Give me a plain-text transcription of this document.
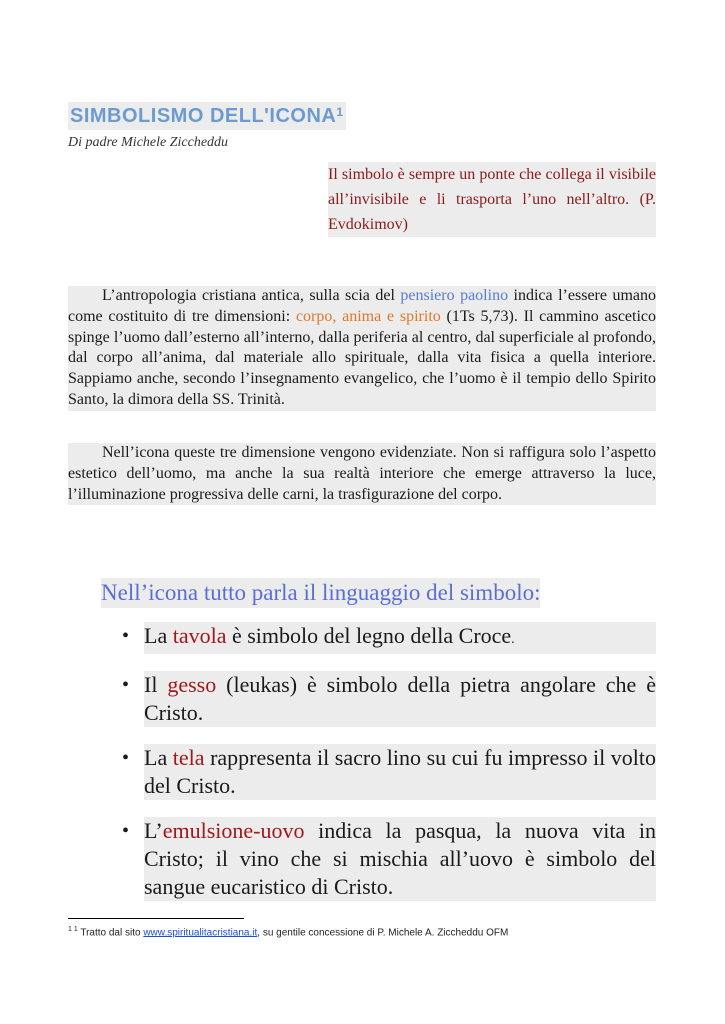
SIMBOLISMO DELL'ICONA$^1$
Di padre Michele Ziccheddu
Il simbolo è sempre un ponte che collega il visibile all’invisibile e li trasporta l’uno nell’altro. (P. Evdokimov)

L’antropologia cristiana antica, sulla scia del pensiero paolino indica l’essere umano come costituito di tre dimensioni: corpo, anima e spirito (1Ts 5,73). Il cammino ascetico spinge l’uomo dall’esterno all’interno, dalla periferia al centro, dal superficiale al profondo, dal corpo all’anima, dal materiale allo spirituale, dalla vita fisica a quella interiore. Sappiamo anche, secondo l’insegnamento evangelico, che l’uomo è il tempio dello Spirito Santo, la dimora della SS. Trinità.

Nell’icona queste tre dimensione vengono evidenziate. Non si raffigura solo l’aspetto estetico dell’uomo, ma anche la sua realtà interiore che emerge attraverso la luce, l’illuminazione progressiva delle carni, la trasfigurazione del corpo.

Nell’icona tutto parla il linguaggio del simbolo:
• La tavola è simbolo del legno della Croce.
• Il gesso (leukas) è simbolo della pietra angolare che è Cristo.
• La tela rappresenta il sacro lino su cui fu impresso il volto del Cristo.
• L’emulsione-uovo indica la pasqua, la nuova vita in Cristo; il vino che si mischia all’uovo è simbolo del sangue eucaristico di Cristo.
$^{1 1}$ Tratto dal sito www.spiritualitacristiana.it, su gentile concessione di P. Michele A. Ziccheddu OFM
